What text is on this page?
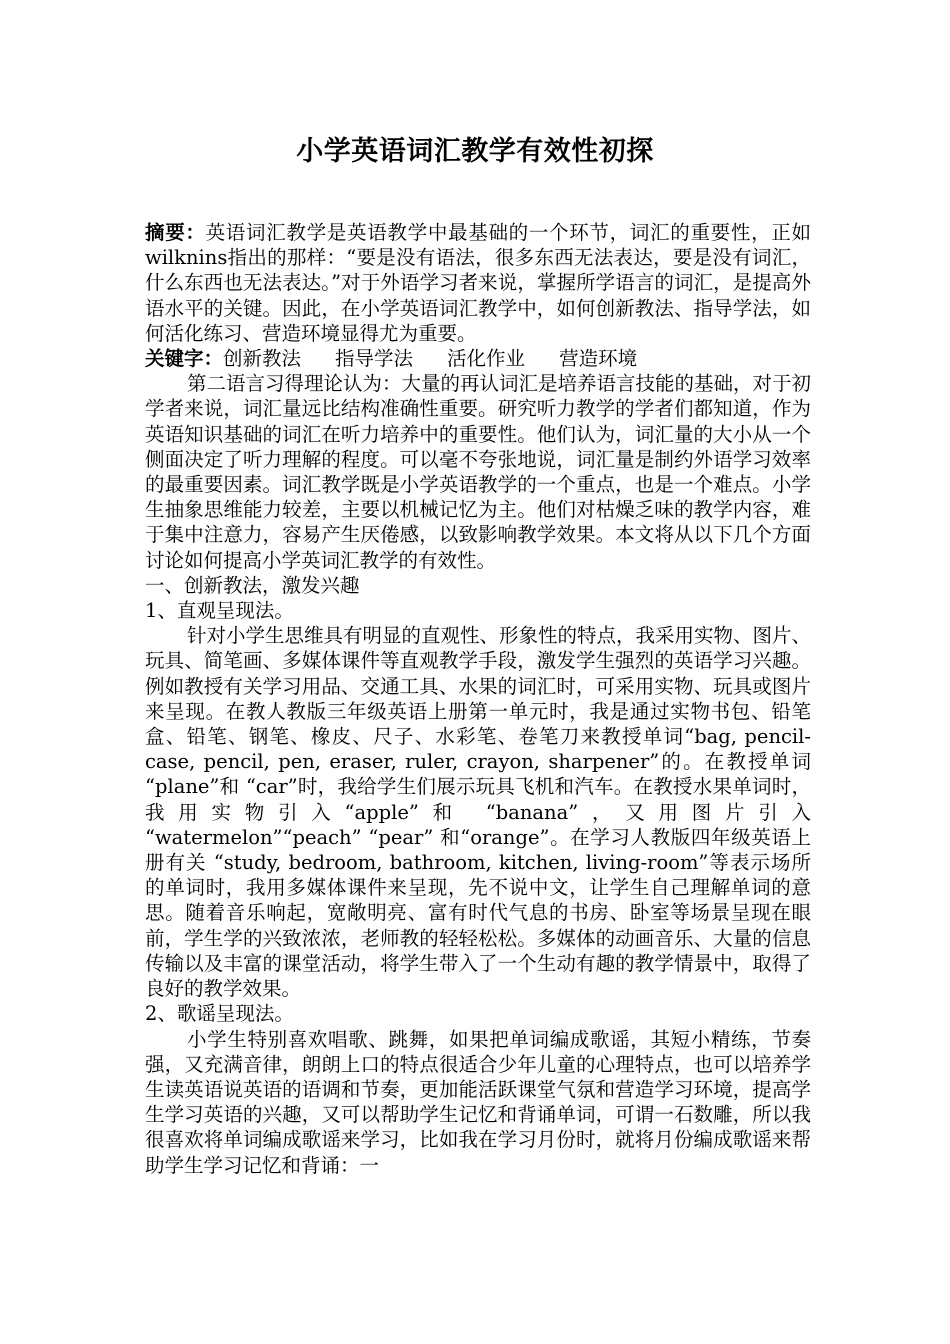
小学英语词汇教学有效性初探

摘要：英语词汇教学是英语教学中最基础的一个环节，词汇的重要性，正如wilknins指出的那样：“要是没有语法，很多东西无法表达，要是没有词汇，什么东西也无法表达。”对于外语学习者来说，掌握所学语言的词汇，是提高外语水平的关键。因此，在小学英语词汇教学中，如何创新教法、指导学法，如何活化练习、营造环境显得尤为重要。

关键字：创新教法 指导学法 活化作业 营造环境

第二语言习得理论认为：大量的再认词汇是培养语言技能的基础，对于初学者来说，词汇量远比结构准确性重要。研究听力教学的学者们都知道，作为英语知识基础的词汇在听力培养中的重要性。他们认为，词汇量的大小从一个侧面决定了听力理解的程度。可以毫不夸张地说，词汇量是制约外语学习效率的最重要因素。词汇教学既是小学英语教学的一个重点，也是一个难点。小学生抽象思维能力较差，主要以机械记忆为主。他们对枯燥乏味的教学内容，难于集中注意力，容易产生厌倦感，以致影响教学效果。本文将从以下几个方面讨论如何提高小学英词汇教学的有效性。

一、创新教法，激发兴趣

1、直观呈现法。

针对小学生思维具有明显的直观性、形象性的特点，我采用实物、图片、玩具、简笔画、多媒体课件等直观教学手段，激发学生强烈的英语学习兴趣。例如教授有关学习用品、交通工具、水果的词汇时，可采用实物、玩具或图片来呈现。在教人教版三年级英语上册第一单元时，我是通过实物书包、铅笔盒、铅笔、钢笔、橡皮、尺子、水彩笔、卷笔刀来教授单词“bag, pencil-case, pencil, pen, eraser, ruler, crayon, sharpener”的。在教授单词 “plane”和 “car”时，我给学生们展示玩具飞机和汽车。在教授水果单词时，我用实物引入“apple”和 “banana”，又用图片引入 “watermelon”“peach” “pear” 和“orange”。在学习人教版四年级英语上册有关 “study, bedroom, bathroom, kitchen, living-room”等表示场所的单词时，我用多媒体课件来呈现，先不说中文，让学生自己理解单词的意思。随着音乐响起，宽敞明亮、富有时代气息的书房、卧室等场景呈现在眼前，学生学的兴致浓浓，老师教的轻轻松松。多媒体的动画音乐、大量的信息传输以及丰富的课堂活动，将学生带入了一个生动有趣的教学情景中，取得了良好的教学效果。

2、歌谣呈现法。

小学生特别喜欢唱歌、跳舞，如果把单词编成歌谣，其短小精练，节奏强，又充满音律，朗朗上口的特点很适合少年儿童的心理特点，也可以培养学生读英语说英语的语调和节奏，更加能活跃课堂气氛和营造学习环境，提高学生学习英语的兴趣，又可以帮助学生记忆和背诵单词，可谓一石数雕，所以我很喜欢将单词编成歌谣来学习，比如我在学习月份时，就将月份编成歌谣来帮助学生学习记忆和背诵：一
